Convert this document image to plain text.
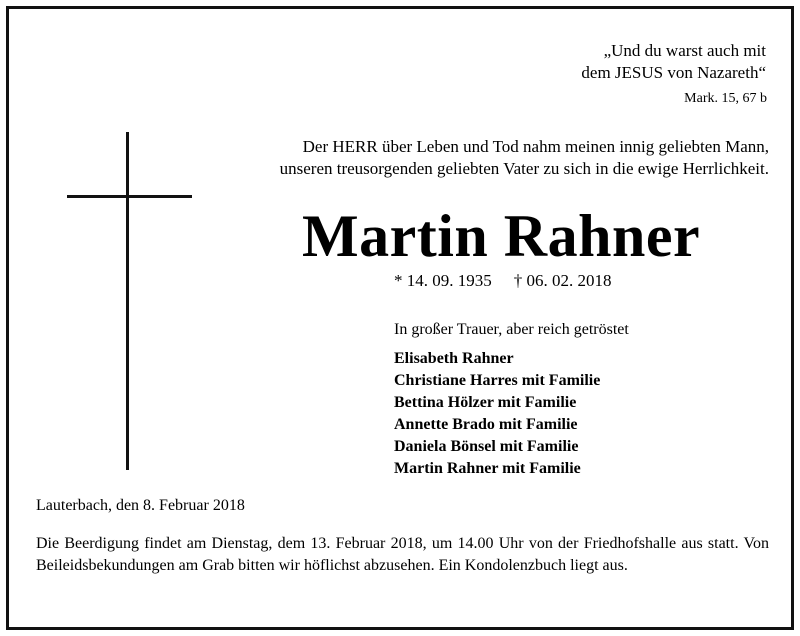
„Und du warst auch mit
dem JESUS von Nazareth“
Mark. 15, 67 b
Der HERR über Leben und Tod nahm meinen innig geliebten Mann,
unseren treusorgenden geliebten Vater zu sich in die ewige Herrlichkeit.
Martin Rahner
* 14. 09. 1935 † 06. 02. 2018
In großer Trauer, aber reich getröstet
Elisabeth Rahner
Christiane Harres mit Familie
Bettina Hölzer mit Familie
Annette Brado mit Familie
Daniela Bönsel mit Familie
Martin Rahner mit Familie
Lauterbach, den 8. Februar 2018
Die Beerdigung findet am Dienstag, dem 13. Februar 2018, um 14.00 Uhr von der Friedhofshalle aus statt. Von Beileidsbekundungen am Grab bitten wir höflichst abzusehen. Ein Kondolenzbuch liegt aus.
